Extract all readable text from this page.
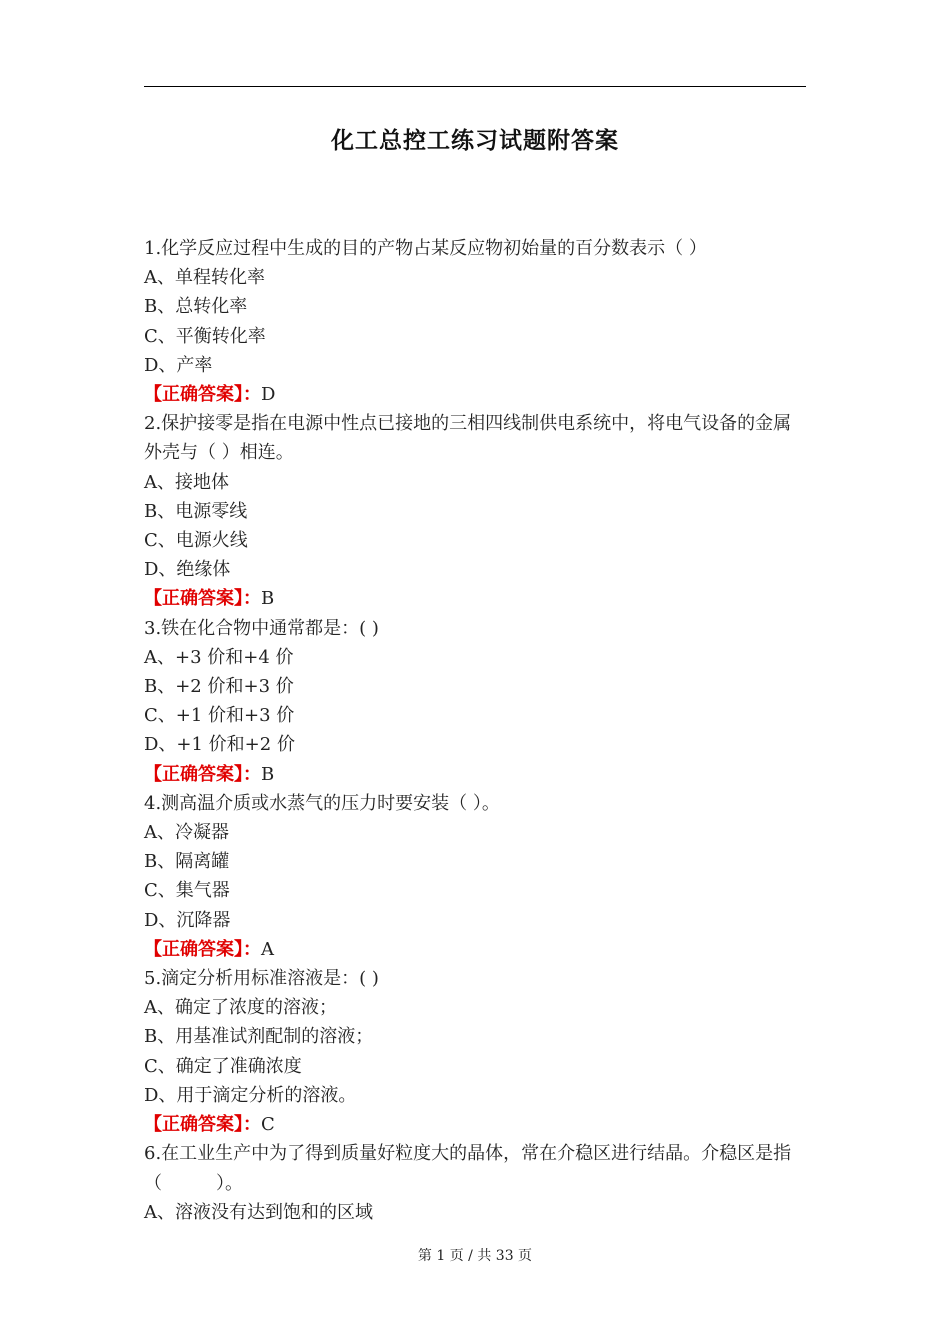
化工总控工练习试题附答案
1.化学反应过程中生成的目的产物占某反应物初始量的百分数表示（ ）
A、单程转化率
B、总转化率
C、平衡转化率
D、产率
【正确答案】：D
2.保护接零是指在电源中性点已接地的三相四线制供电系统中，将电气设备的金属外壳与（ ）相连。
A、接地体
B、电源零线
C、电源火线
D、绝缘体
【正确答案】：B
3.铁在化合物中通常都是：( )
A、+3 价和+4 价
B、+2 价和+3 价
C、+1 价和+3 价
D、+1 价和+2 价
【正确答案】：B
4.测高温介质或水蒸气的压力时要安装（ ）。
A、冷凝器
B、隔离罐
C、集气器
D、沉降器
【正确答案】：A
5.滴定分析用标准溶液是：( )
A、确定了浓度的溶液；
B、用基准试剂配制的溶液；
C、确定了准确浓度
D、用于滴定分析的溶液。
【正确答案】：C
6.在工业生产中为了得到质量好粒度大的晶体，常在介稳区进行结晶。介稳区是指（　　　）。
A、溶液没有达到饱和的区域
第 1 页 / 共 33 页
